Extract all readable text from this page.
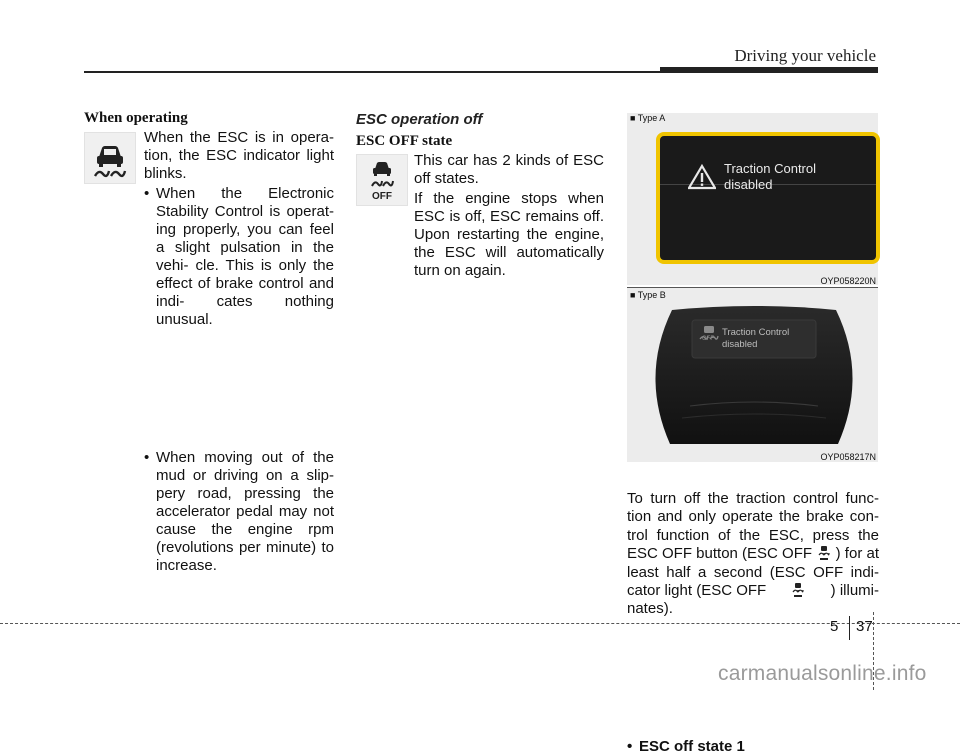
Driving your vehicle
When operating
When the ESC is in opera- tion, the ESC indicator light blinks.
• When the Electronic Stability Control is operat- ing properly, you can feel a slight pulsation in the vehi- cle. This is only the effect of brake control and indi- cates nothing unusual.
• When moving out of the mud or driving on a slip- pery road, pressing the accelerator pedal may not cause the engine rpm (revolutions per minute) to increase.
ESC operation off
ESC OFF state
OFF
This car has 2 kinds of ESC off states.
If the engine stops when ESC is off, ESC remains off. Upon restarting the engine, the ESC will automatically turn on again.
■ Type A
Traction Control
disabled
OYP058220N
■ Type B
OFF
Traction Control
disabled
OYP058217N
• ESC off state 1
To turn off the traction control func-
tion and only operate the brake con-
trol function of the ESC, press the
ESC OFF button (ESC OFF ) for at
least half a second (ESC OFF indi-
cator light (ESC OFF	) illumi-
nates).
5 37
carmanualsonline.info
